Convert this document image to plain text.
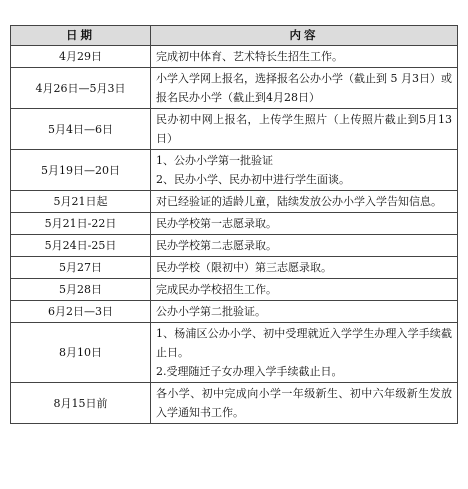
日期	内容
4月29日	完成初中体育、艺术特长生招生工作。

4月26日—5月3日	小学入学网上报名，选择报名公办小学（截止到 5 月3日）或报名民办小学（截止到4月28日）

5月4日—6日	民办初中网上报名，上传学生照片（上传照片截止到5月13日）

5月19日—20日	1、公办小学第一批验证
2、民办小学、民办初中进行学生面谈。

5月21日起	对已经验证的适龄儿童，陆续发放公办小学入学告知信息。

5月21日-22日	民办学校第一志愿录取。

5月24日-25日	民办学校第二志愿录取。

5月27日	民办学校（限初中）第三志愿录取。

5月28日	完成民办学校招生工作。

6月2日—3日	公办小学第二批验证。

8月10日	1、杨浦区公办小学、初中受理就近入学学生办理入学手续截止日。
2.受理随迁子女办理入学手续截止日。

8月15日前	各小学、初中完成向小学一年级新生、初中六年级新生发放入学通知书工作。
